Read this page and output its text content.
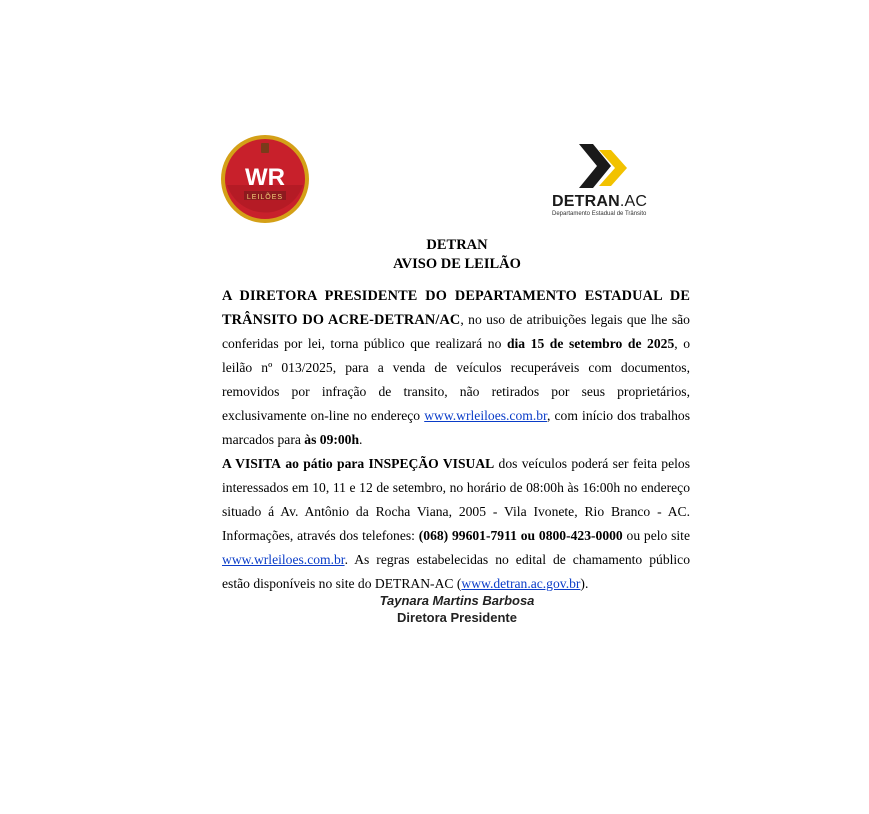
WR
LEILÕES	DETRAN.AC
Departamento Estadual de Trânsito
DETRAN
AVISO DE LEILÃO
A DIRETORA PRESIDENTE DO DEPARTAMENTO ESTADUAL DE TRÂNSITO DO ACRE-DETRAN/AC, no uso de atribuições legais que lhe são conferidas por lei, torna público que realizará no dia 15 de setembro de 2025, o leilão nº 013/2025, para a venda de veículos recuperáveis com documentos, removidos por infração de transito, não retirados por seus proprietários, exclusivamente on-line no endereço www.wrleiloes.com.br, com início dos trabalhos marcados para às 09:00h.
A VISITA ao pátio para INSPEÇÃO VISUAL dos veículos poderá ser feita pelos interessados em 10, 11 e 12 de setembro, no horário de 08:00h às 16:00h no endereço situado á Av. Antônio da Rocha Viana, 2005 - Vila Ivonete, Rio Branco - AC. Informações, através dos telefones: (068) 99601-7911 ou 0800-423-0000 ou pelo site www.wrleiloes.com.br. As regras estabelecidas no edital de chamamento público estão disponíveis no site do DETRAN-AC (www.detran.ac.gov.br).
Taynara Martins Barbosa
Diretora Presidente
